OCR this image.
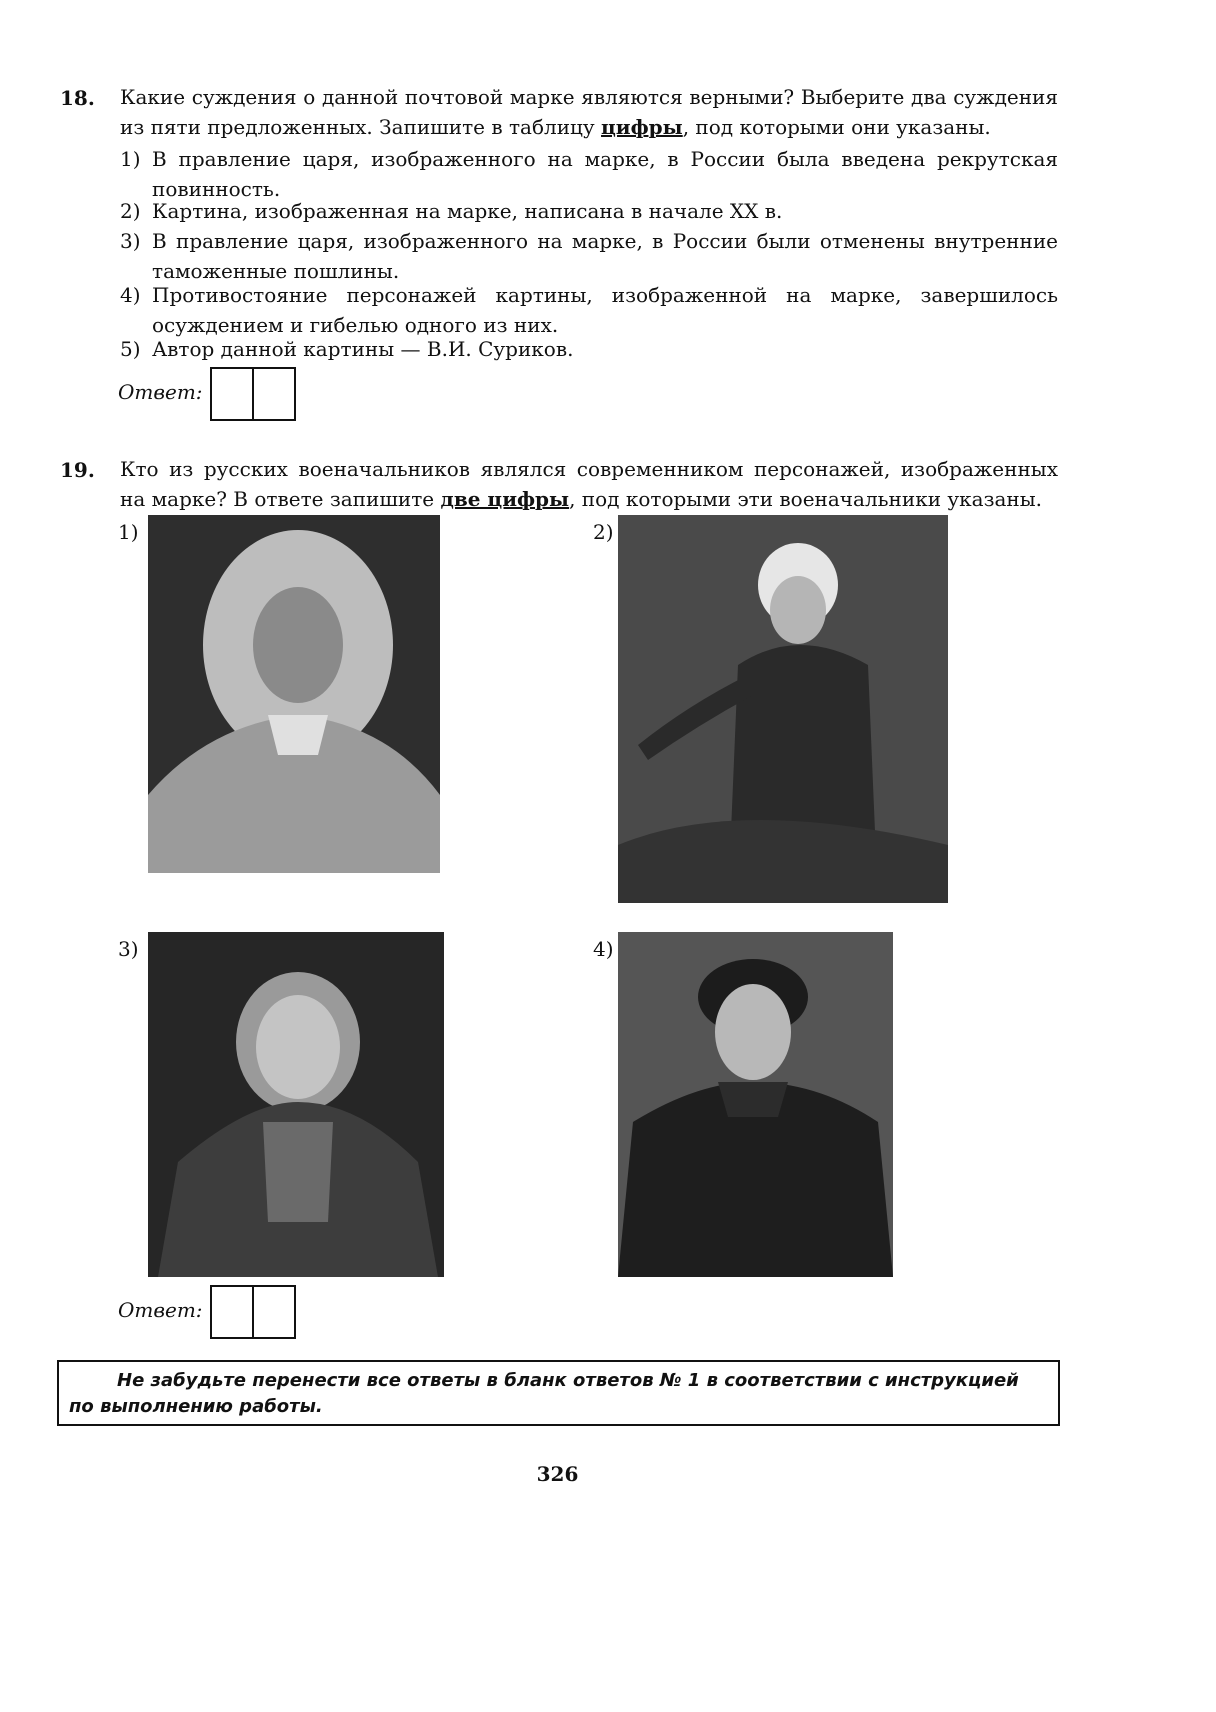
18. Какие суждения о данной почтовой марке являются верными? Выберите два суждения из пяти предложенных. Запишите в таблицу цифры, под которыми они указаны.
1) В правление царя, изображенного на марке, в России была введена рекрутская повинность.
2) Картина, изображенная на марке, написана в начале XX в.
3) В правление царя, изображенного на марке, в России были отменены внутренние таможенные пошлины.
4) Противостояние персонажей картины, изображенной на марке, завершилось осуждением и гибелью одного из них.
5) Автор данной картины — В.И. Суриков.
Ответ:
19. Кто из русских военачальников являлся современником персонажей, изображенных на марке? В ответе запишите две цифры, под которыми эти военачальники указаны.
1)	2)
3)	4)
Ответ:
Не забудьте перенести все ответы в бланк ответов № 1 в соответствии с инструкцией по выполнению работы.
326
